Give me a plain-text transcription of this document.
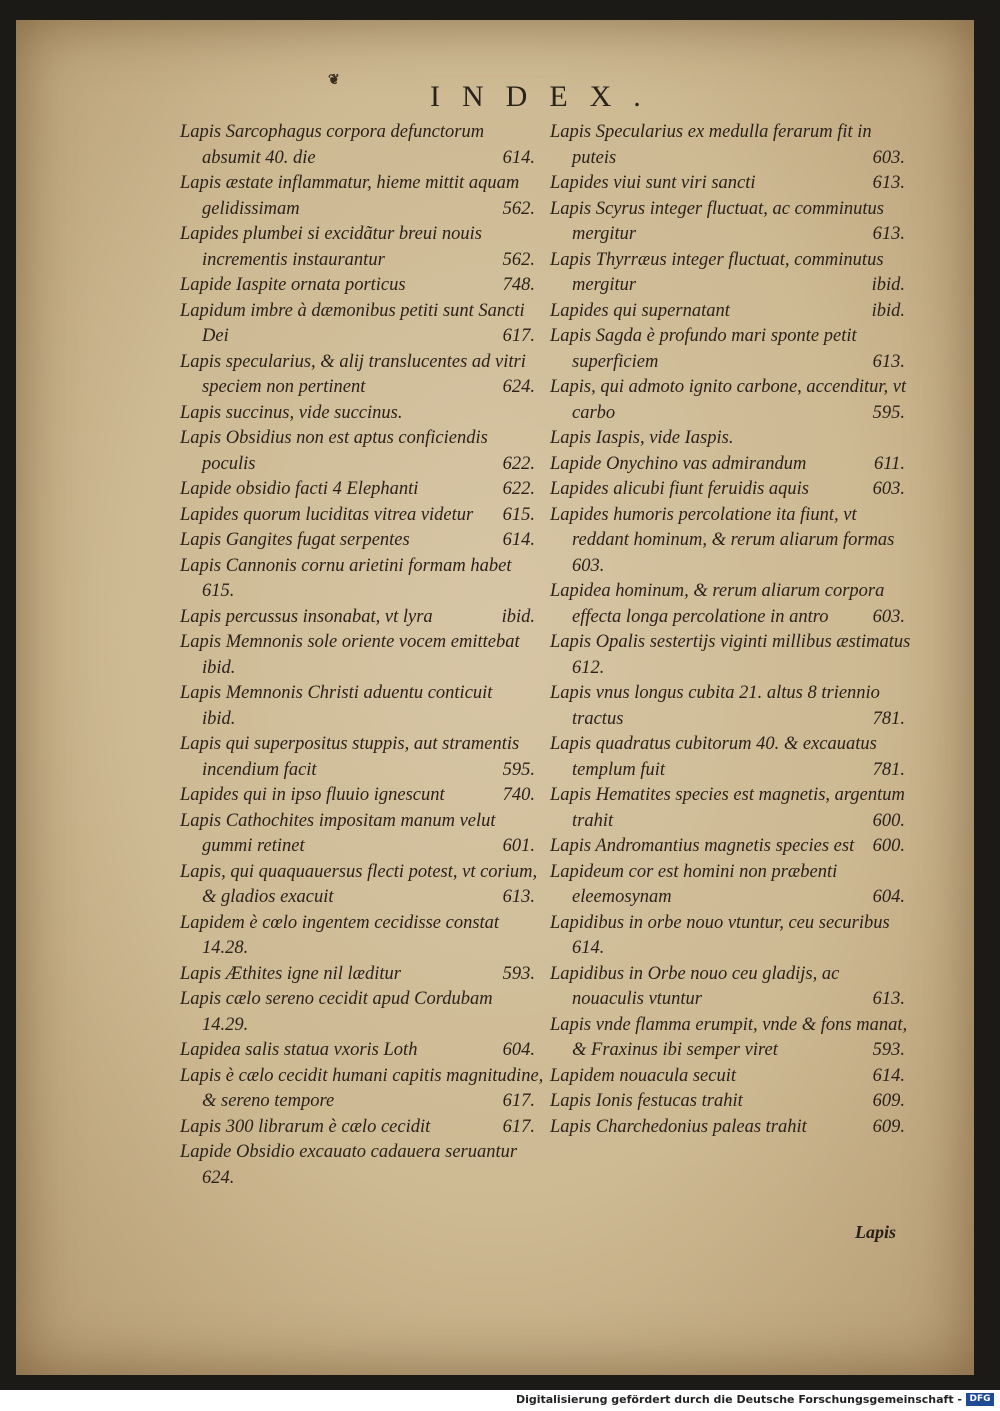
❦	INDEX.
Lapis Sarcophagus corpora defunctorum absumit 40. die	614.
Lapis æstate inflammatur, hieme mittit aquam gelidissimam	562.
Lapides plumbei si excidãtur breui nouis incrementis instaurantur	562.
Lapide Iaspite ornata porticus	748.
Lapidum imbre à dæmonibus petiti sunt Sancti Dei	617.
Lapis specularius, & alij translucentes ad vitri speciem non pertinent	624.
Lapis succinus, vide succinus.
Lapis Obsidius non est aptus conficiendis poculis	622.
Lapide obsidio facti 4 Elephanti	622.
Lapides quorum luciditas vitrea videtur	615.
Lapis Gangites fugat serpentes	614.
Lapis Cannonis cornu arietini formam habet
615.
Lapis percussus insonabat, vt lyra	ibid.
Lapis Memnonis sole oriente vocem emittebat
ibid.
Lapis Memnonis Christi aduentu conticuit
ibid.
Lapis qui superpositus stuppis, aut stramentis incendium facit	595.
Lapides qui in ipso fluuio ignescunt	740.
Lapis Cathochites impositam manum velut gummi retinet	601.
Lapis, qui quaquauersus flecti potest, vt corium, & gladios exacuit	613.
Lapidem è cœlo ingentem cecidisse constat
14.28.
Lapis Æthites igne nil læditur	593.
Lapis cælo sereno cecidit apud Cordubam
14.29.
Lapidea salis statua vxoris Loth	604.
Lapis è cælo cecidit humani capitis magnitudine, & sereno tempore	617.
Lapis 300 librarum è cælo cecidit	617.
Lapide Obsidio excauato cadauera seruantur
624.
Lapis Specularius ex medulla ferarum fit in puteis	603.
Lapides viui sunt viri sancti	613.
Lapis Scyrus integer fluctuat, ac comminutus mergitur	613.
Lapis Thyrræus integer fluctuat, comminutus mergitur	ibid.
Lapides qui supernatant	ibid.
Lapis Sagda è profundo mari sponte petit superficiem	613.
Lapis, qui admoto ignito carbone, accenditur, vt carbo	595.
Lapis Iaspis, vide Iaspis.
Lapide Onychino vas admirandum	611.
Lapides alicubi fiunt feruidis aquis	603.
Lapides humoris percolatione ita fiunt, vt reddant hominum, & rerum aliarum formas
603.
Lapidea hominum, & rerum aliarum corpora effecta longa percolatione in antro	603.
Lapis Opalis sestertijs viginti millibus æstimatus
612.
Lapis vnus longus cubita 21. altus 8 triennio tractus	781.
Lapis quadratus cubitorum 40. & excauatus templum fuit	781.
Lapis Hematites species est magnetis, argentum trahit	600.
Lapis Andromantius magnetis species est 600.
Lapideum cor est homini non præbenti eleemosynam	604.
Lapidibus in orbe nouo vtuntur, ceu securibus
614.
Lapidibus in Orbe nouo ceu gladijs, ac nouaculis vtuntur	613.
Lapis vnde flamma erumpit, vnde & fons manat, & Fraxinus ibi semper viret	593.
Lapidem nouacula secuit	614.
Lapis Ionis festucas trahit	609.
Lapis Charchedonius paleas trahit	609.
Lapis
Digitalisierung gefördert durch die Deutsche Forschungsgemeinschaft - DFG
